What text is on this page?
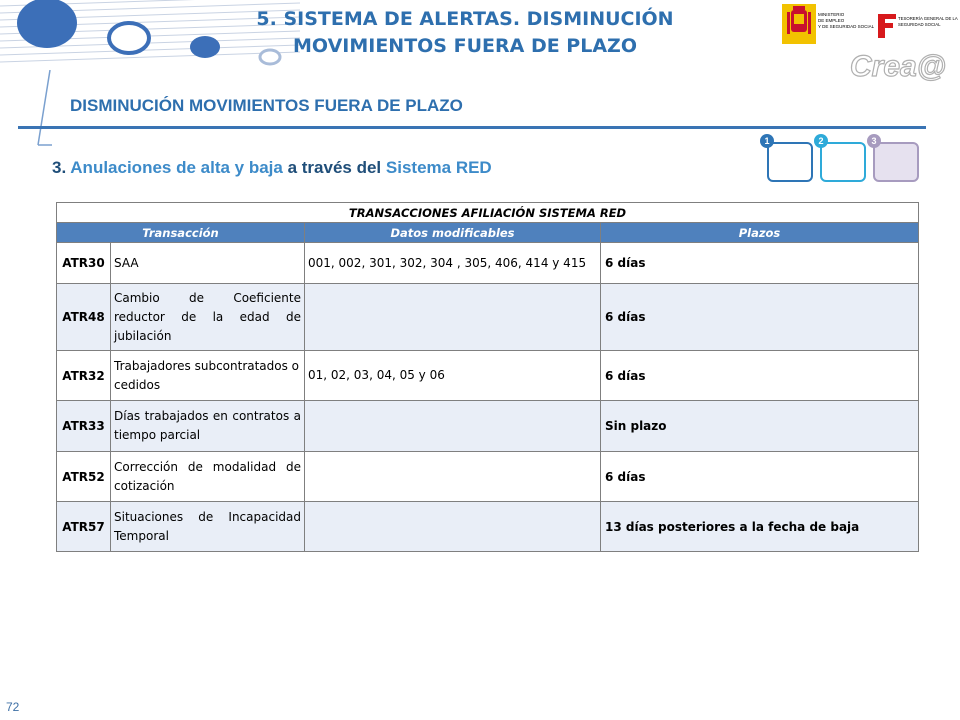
5. SISTEMA DE ALERTAS. DISMINUCIÓN MOVIMIENTOS FUERA DE PLAZO
MINISTERIO
DE EMPLEO
Y DE SEGURIDAD SOCIAL
TESORERÍA GENERAL DE LA SEGURIDAD SOCIAL
Crea@
DISMINUCIÓN MOVIMIENTOS FUERA DE PLAZO
3. Anulaciones de alta y baja a través del Sistema RED
1	2	3
TRANSACCIONES AFILIACIÓN SISTEMA RED			
Transacción		Datos modificables	Plazos
ATR30	SAA	001, 002, 301, 302, 304 , 305, 406, 414 y 415	6 días
ATR48	Cambio de Coeficiente reductor de la edad de jubilación		6 días
ATR32	Trabajadores subcontratados o cedidos	01, 02, 03, 04, 05 y 06	6 días
ATR33	Días trabajados en contratos a tiempo parcial		Sin plazo
ATR52	Corrección de modalidad de cotización		6 días
ATR57	Situaciones de Incapacidad Temporal		13 días posteriores a la fecha de baja
72
